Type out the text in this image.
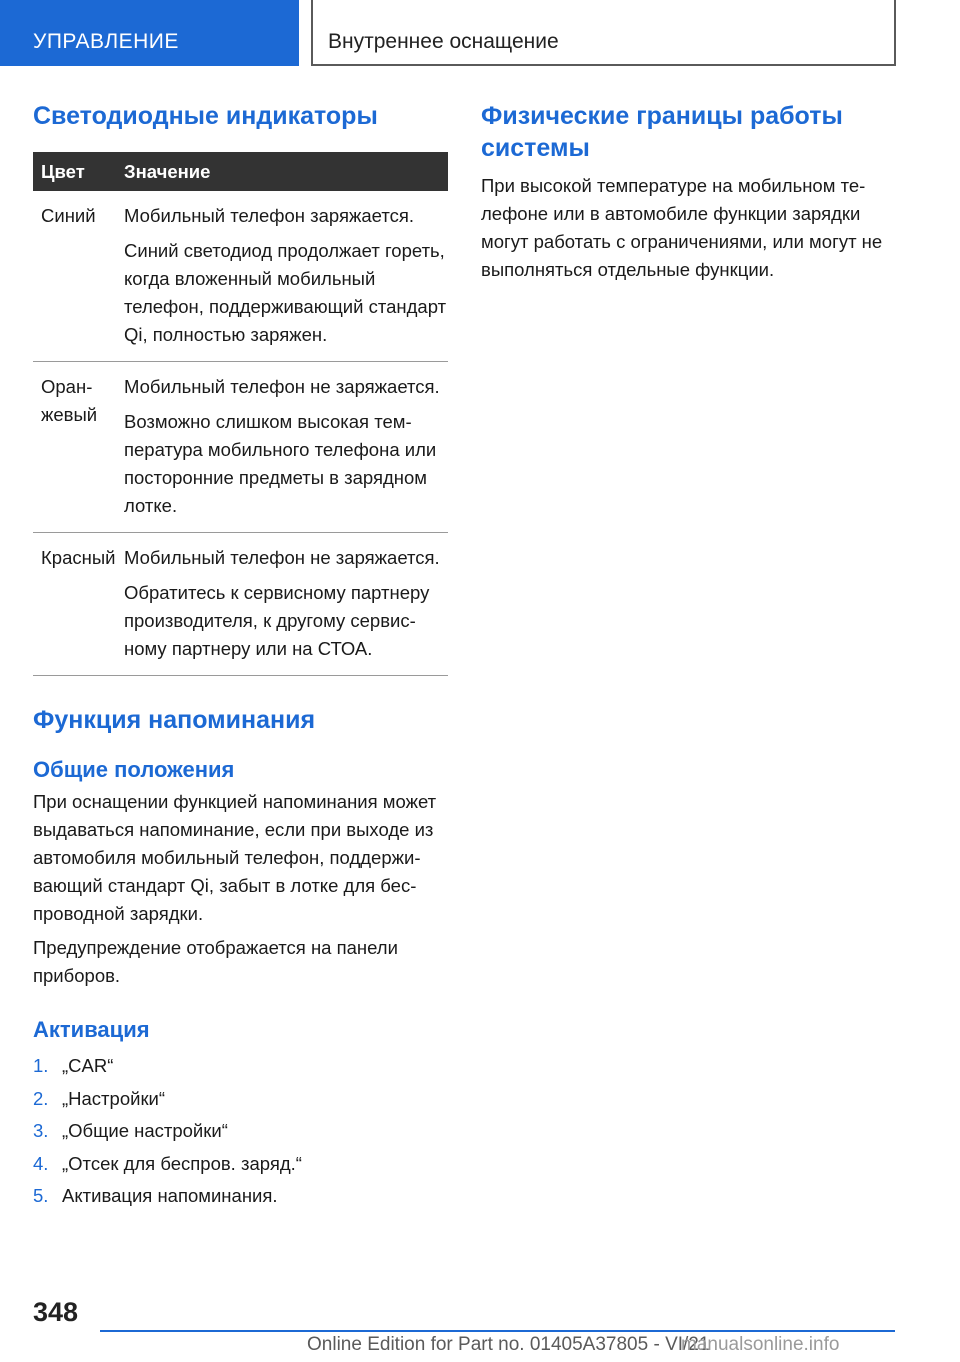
УПРАВЛЕНИЕ	Внутреннее оснащение
Светодиодные индикаторы
Цвет	Значение
Синий	Мобильный телефон заряжается.
Синий светодиод продолжает гореть, когда вложенный мобильный телефон, поддерживающий стандарт Qi, полностью заряжен.
Оранжевый
Мобильный телефон не заряжается.
Возможно слишком высокая температура мобильного телефона или посторонние предметы в зарядном лотке.
Красный Мобильный телефон не заряжается.
Обратитесь к сервисному партнеру производителя, к другому сервисному партнеру или на СТОА.
Функция напоминания
Общие положения
При оснащении функцией напоминания может выдаваться напоминание, если при выходе из автомобиля мобильный телефон, поддерживающий стандарт Qi, забыт в лотке для беспроводной зарядки.
Предупреждение отображается на панели приборов.
Активация
1. „CAR“
2. „Настройки“
3. „Общие настройки“
4. „Отсек для беспров. заряд.“
5. Активация напоминания.
Физические границы работы системы
При высокой температуре на мобильном телефоне или в автомобиле функции зарядки могут работать с ограничениями, или могут не выполняться отдельные функции.
348
Online Edition for Part no. 01405A37805 - VI/21
manualsonline.info
